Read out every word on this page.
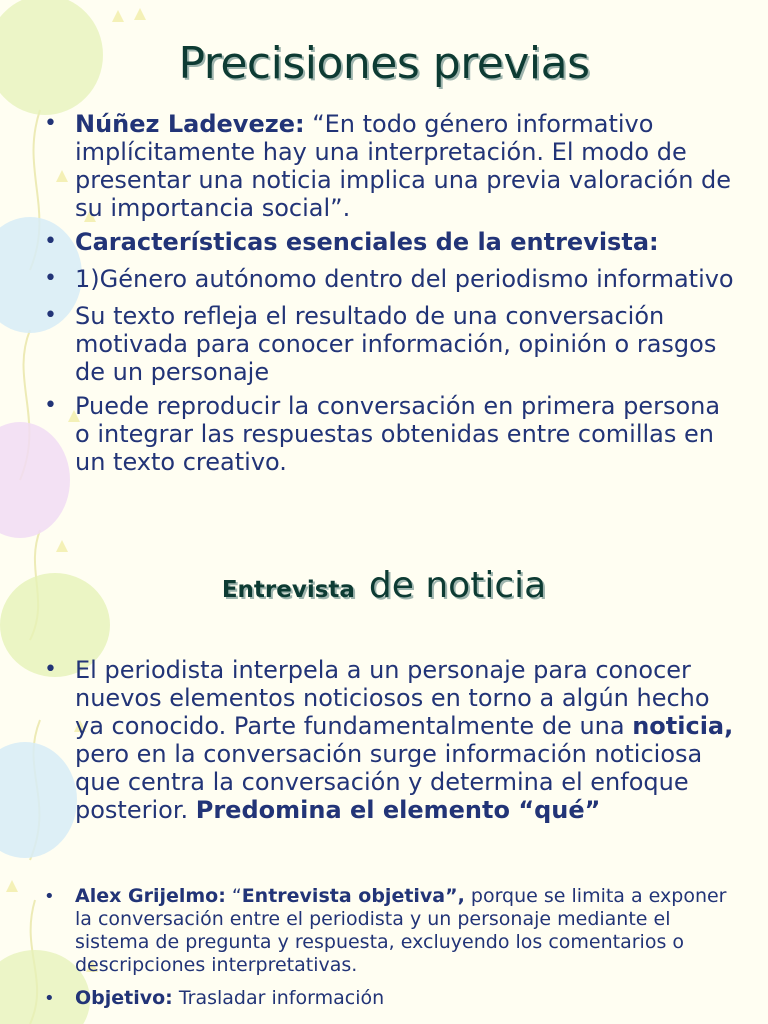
Precisiones previas
• Núñez Ladeveze: “En todo género informativo implícitamente hay una interpretación. El modo de presentar una noticia implica una previa valoración de su importancia social”.
• Características esenciales de la entrevista:
• 1)Género autónomo dentro del periodismo informativo
• Su texto refleja el resultado de una conversación motivada para conocer información, opinión o rasgos de un personaje
• Puede reproducir la conversación en primera persona o integrar las respuestas obtenidas entre comillas en un texto creativo.
Entrevista de noticia
• El periodista interpela a un personaje para conocer nuevos elementos noticiosos en torno a algún hecho ya conocido. Parte fundamentalmente de una noticia, pero en la conversación surge información noticiosa que centra la conversación y determina el enfoque posterior. Predomina el elemento “qué”
• Alex Grijelmo: “Entrevista objetiva”, porque se limita a exponer la conversación entre el periodista y un personaje mediante el sistema de pregunta y respuesta, excluyendo los comentarios o descripciones interpretativas.
• Objetivo: Trasladar información
